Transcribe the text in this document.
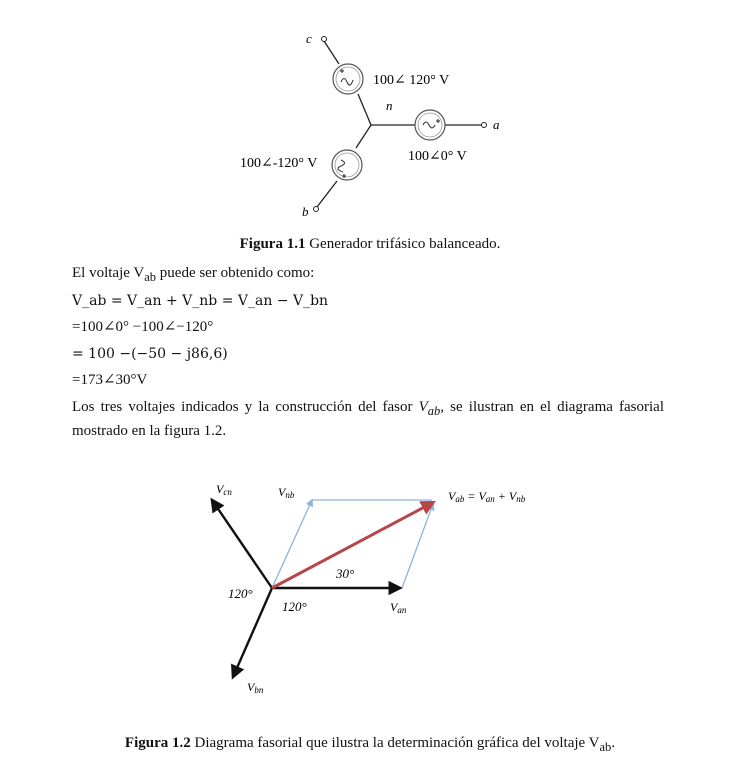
c
n
a
b
100∠ 120° V
100∠0° V
100∠-120° V
Figura 1.1 Generador trifásico balanceado.
El voltaje $V_{ab}$ puede ser obtenido como:
V_ab = V_an + V_nb = V_an − V_bn
=100∠0° −100∠−120°
= 100 −(−50 − j86,6)
=173∠30°V
Los tres voltajes indicados y la construcción del fasor $V_{ab}$, se ilustran en el diagrama fasorial mostrado en la figura 1.2.
Vcn	Vnb	Vab = Van + Vnb
Van
Vbn
30°
120°
120°
Figura 1.2 Diagrama fasorial que ilustra la determinación gráfica del voltaje $V_{ab}$.
